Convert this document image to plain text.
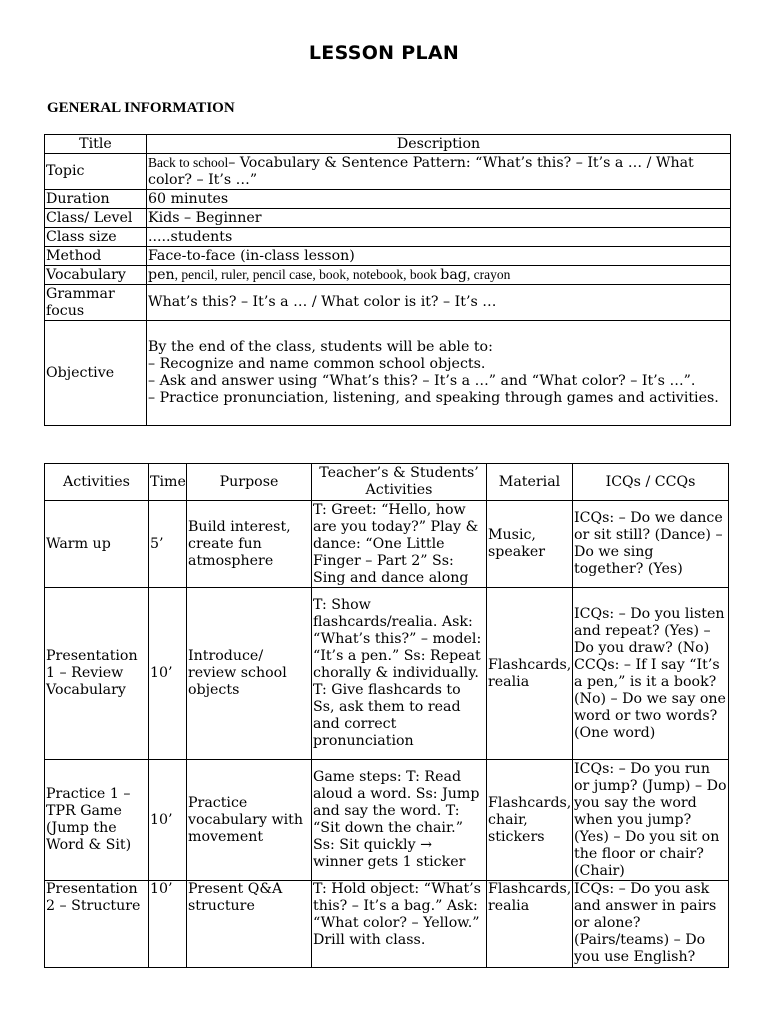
LESSON PLAN
GENERAL INFORMATION
Title	Description
Topic	Back to school– Vocabulary & Sentence Pattern: “What’s this? – It’s a … / What color? – It’s …”
Duration	60 minutes
Class/ Level	Kids – Beginner
Class size	.....students
Method	Face-to-face (in-class lesson)
Vocabulary	pen, pencil, ruler, pencil case, book, notebook, book bag, crayon
Grammar focus	What’s this? – It’s a … / What color is it? – It’s …
Objective	By the end of the class, students will be able to:
– Recognize and name common school objects.
– Ask and answer using “What’s this? – It’s a …” and “What color? – It’s …”.
– Practice pronunciation, listening, and speaking through games and activities.
Activities	Time	Purpose	Teacher’s & Students’ Activities	Material	ICQs / CCQs
Warm up	5’	Build interest, create fun atmosphere	T: Greet: “Hello, how are you today?” Play & dance: “One Little Finger – Part 2” Ss: Sing and dance along	Music, speaker	ICQs: – Do we dance or sit still? (Dance) – Do we sing together? (Yes)
Presentation 1 – Review Vocabulary	10’	Introduce/ review school objects	T: Show flashcards/realia. Ask: “What’s this?” – model: “It’s a pen.” Ss: Repeat chorally & individually. T: Give flashcards to Ss, ask them to read and correct pronunciation	Flashcards, realia	ICQs: – Do you listen and repeat? (Yes) – Do you draw? (No) CCQs: – If I say “It’s a pen,” is it a book? (No) – Do we say one word or two words? (One word)
Practice 1 – TPR Game (Jump the Word & Sit)	10’	Practice vocabulary with movement	Game steps: T: Read aloud a word. Ss: Jump and say the word. T: “Sit down the chair.” Ss: Sit quickly → winner gets 1 sticker	Flashcards, chair, stickers	ICQs: – Do you run or jump? (Jump) – Do you say the word when you jump? (Yes) – Do you sit on the floor or chair? (Chair)
Presentation 2 – Structure	10’	Present Q&A structure	T: Hold object: “What’s this? – It’s a bag.” Ask: “What color? – Yellow.” Drill with class.	Flashcards, realia	ICQs: – Do you ask and answer in pairs or alone? (Pairs/teams) – Do you use English?
